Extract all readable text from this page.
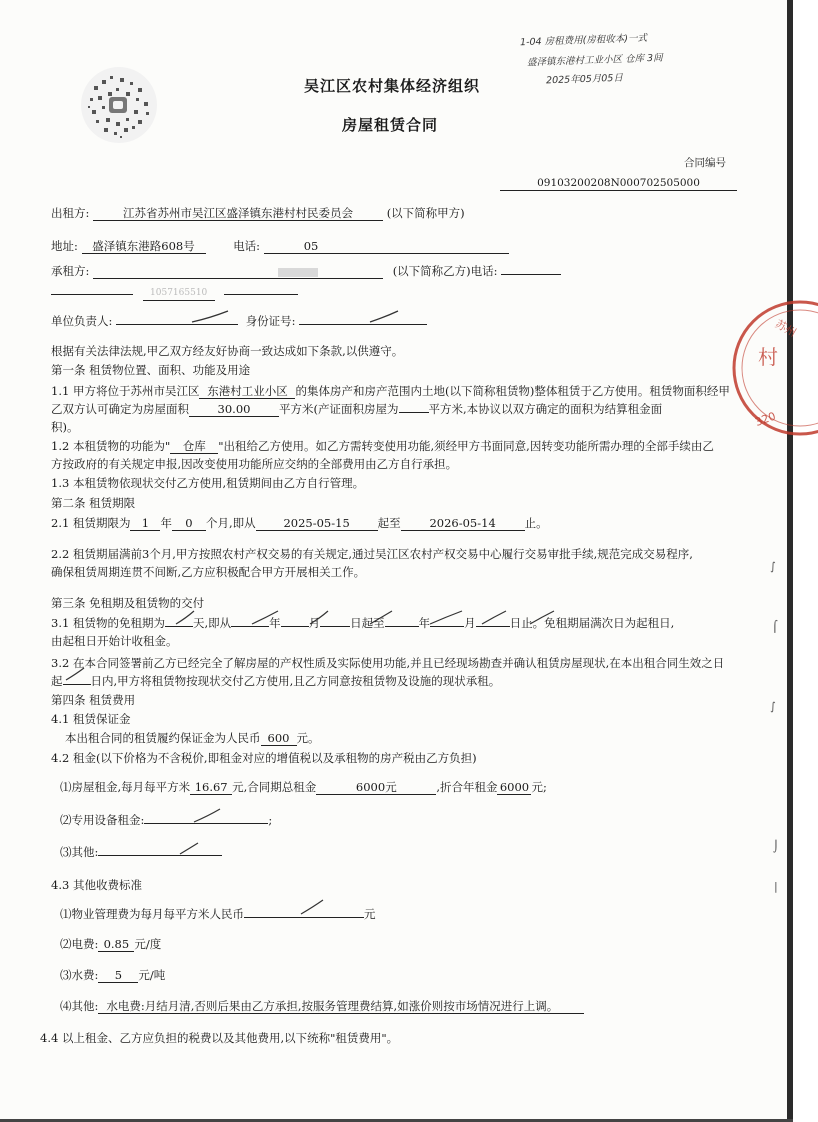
1-04 房租费用(房租收本)一式
盛泽镇东港村工业小区 仓库 3间
2025年05月05日
吴江区农村集体经济组织
房屋租赁合同
合同编号
09103200208N000702505000
出租方:	江苏省苏州市吴江区盛泽镇东港村村民委员会	(以下简称甲方)
地址: 盛泽镇东港路608号	电话:	05
承租方:	(以下简称乙方)电话:
1057165510
单位负责人:	身份证号:
根据有关法律法规,甲乙双方经友好协商一致达成如下条款,以供遵守。
第一条 租赁物位置、面积、功能及用途
1.1 甲方将位于苏州市吴江区 东港村工业小区 的集体房产和房产范围内土地(以下简称租赁物)整体租赁于乙方使用。租赁物面积经甲
乙双方认可确定为房屋面积 30.00 平方米(产证面积房屋为	平方米,本协议以双方确定的面积为结算租金面
积)。
1.2 本租赁物的功能为" 仓库 "出租给乙方使用。如乙方需转变使用功能,须经甲方书面同意,因转变功能所需办理的全部手续由乙
方按政府的有关规定申报,因改变使用功能所应交纳的全部费用由乙方自行承担。
1.3 本租赁物依现状交付乙方使用,租赁期间由乙方自行管理。
第二条 租赁期限
2.1 租赁期限为 1 年 0 个月,即从 2025-05-15 起至	2026-05-14	止。
2.2 租赁期届满前3个月,甲方按照农村产权交易的有关规定,通过吴江区农村产权交易中心履行交易审批手续,规范完成交易程序,
确保租赁周期连贯不间断,乙方应积极配合甲方开展相关工作。
第三条 免租期及租赁物的交付
3.1 租赁物的免租期为 天,即从	年 月	日起至	年	月	日止。免租期届满次日为起租日,
由起租日开始计收租金。
3.2 在本合同签署前乙方已经完全了解房屋的产权性质及实际使用功能,并且已经现场勘查并确认租赁房屋现状,在本出租合同生效之日
起 日内,甲方将租赁物按现状交付乙方使用,且乙方同意按租赁物及设施的现状承租。
第四条 租赁费用
4.1 租赁保证金
本出租合同的租赁履约保证金为人民币 600 元。
4.2 租金(以下价格为不含税价,即租金对应的增值税以及承租物的房产税由乙方负担)
⑴房屋租金,每月每平方米 16.67 元,合同期总租金	6000元	,折合年租金 6000 元;
⑵专用设备租金:	;
⑶其他:
4.3 其他收费标准
⑴物业管理费为每月每平方米人民币	元
⑵电费: 0.85 元/度
⑶水费: 5 元/吨
⑷其他: 水电费:月结月清,否则后果由乙方承担,按服务管理费结算,如涨价则按市场情况进行上调。
4.4 以上租金、乙方应负担的税费以及其他费用,以下统称"租赁费用"。
村
320
苏州
∫
⌠
∫
⌡
|
